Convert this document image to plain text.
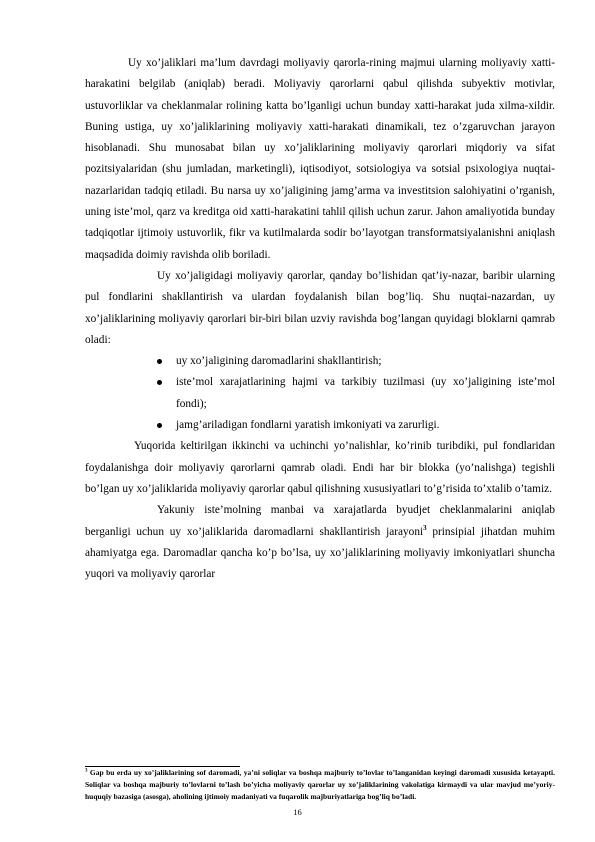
Uy xo’jaliklari ma’lum davrdagi moliyaviy qarorla-rining majmui ularning moliyaviy xatti-harakatini belgilab (aniqlab) beradi. Moliyaviy qarorlarni qabul qilishda subyektiv motivlar, ustuvorliklar va cheklanmalar rolining katta bo’lganligi uchun bunday xatti-harakat juda xilma-xildir. Buning ustiga, uy xo’jaliklarining moliyaviy xatti-harakati dinamikali, tez o’zgaruvchan jarayon hisoblanadi. Shu munosabat bilan uy xo’jaliklarining moliyaviy qarorlari miqdoriy va sifat pozitsiyalaridan (shu jumladan, marketingli), iqtisodiyot, sotsiologiya va sotsial psixologiya nuqtai-nazarlaridan tadqiq etiladi. Bu narsa uy xo’jaligining jamg’arma va investitsion salohiyatini o’rganish, uning iste’mol, qarz va kreditga oid xatti-harakatini tahlil qilish uchun zarur. Jahon amaliyotida bunday tadqiqotlar ijtimoiy ustuvorlik, fikr va kutilmalarda sodir bo’layotgan transformatsiyalanishni aniqlash maqsadida doimiy ravishda olib boriladi.

Uy xo’jaligidagi moliyaviy qarorlar, qanday bo’lishidan qat’iy-nazar, baribir ularning pul fondlarini shakllantirish va ulardan foydalanish bilan bog’liq. Shu nuqtai-nazardan, uy xo’jaliklarining moliyaviy qarorlari bir-biri bilan uzviy ravishda bog’langan quyidagi bloklarni qamrab oladi:

uy xo’jaligining daromadlarini shakllantirish;
iste’mol xarajatlarining hajmi va tarkibiy tuzilmasi (uy xo’jaligining iste’mol fondi);
jamg’ariladigan fondlarni yaratish imkoniyati va zarurligi.

Yuqorida keltirilgan ikkinchi va uchinchi yo’nalishlar, ko’rinib turibdiki, pul fondlaridan foydalanishga doir moliyaviy qarorlarni qamrab oladi. Endi har bir blokka (yo’nalishga) tegishli bo’lgan uy xo’jaliklarida moliyaviy qarorlar qabul qilishning xususiyatlari to’g’risida to’xtalib o’tamiz.

Yakuniy iste’molning manbai va xarajatlarda byudjet cheklanmalarini aniqlab berganligi uchun uy xo’jaliklarida daromadlarni shakllantirish jarayoni$^3$ prinsipial jihatdan muhim ahamiyatga ega. Daromadlar qancha ko’p bo’lsa, uy xo’jaliklarining moliyaviy imkoniyatlari shuncha yuqori va moliyaviy qarorlar

$^3$ Gap bu erda uy xo’jaliklarining sof daromadi, ya’ni soliqlar va boshqa majburiy to’lovlar to’langanidan keyingi daromadi xususida ketayapti. Soliqlar va boshqa majburiy to’lovlarni to’lash bo’yicha moliyaviy qarorlar uy xo’jaliklarining vakolatiga kirmaydi va ular mavjud me’yoriy-huquqiy bazasiga (asosga), aholining ijtimoiy madaniyati va fuqarolik majburiyatlariga bog’liq bo’ladi.
16
